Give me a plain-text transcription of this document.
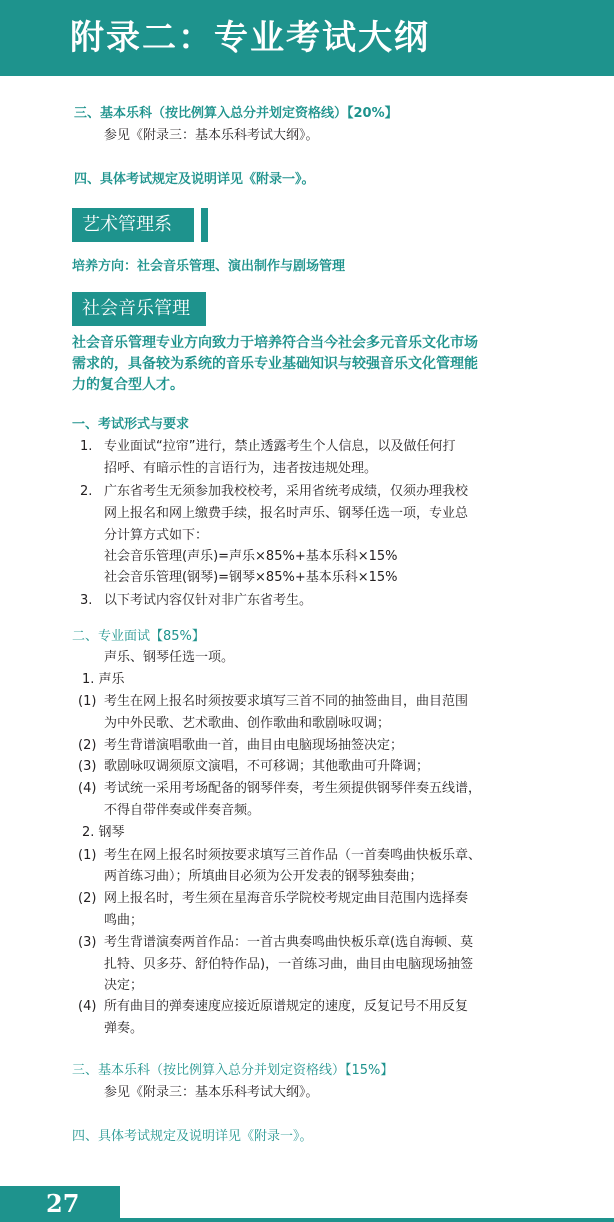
附录二：专业考试大纲
三、基本乐科（按比例算入总分并划定资格线）【20%】
参见《附录三：基本乐科考试大纲》。
四、具体考试规定及说明详见《附录一》。
艺术管理系
培养方向：社会音乐管理、演出制作与剧场管理
社会音乐管理
社会音乐管理专业方向致力于培养符合当今社会多元音乐文化市场
需求的，具备较为系统的音乐专业基础知识与较强音乐文化管理能
力的复合型人才。
一、考试形式与要求
1. 专业面试“拉帘”进行，禁止透露考生个人信息，以及做任何打
招呼、有暗示性的言语行为，违者按违规处理。
2. 广东省考生无须参加我校校考，采用省统考成绩，仅须办理我校
网上报名和网上缴费手续，报名时声乐、钢琴任选一项，专业总
分计算方式如下：
社会音乐管理(声乐)=声乐×85%+基本乐科×15%
社会音乐管理(钢琴)=钢琴×85%+基本乐科×15%
3. 以下考试内容仅针对非广东省考生。
二、专业面试【85%】
声乐、钢琴任选一项。
1. 声乐
(1) 考生在网上报名时须按要求填写三首不同的抽签曲目，曲目范围
为中外民歌、艺术歌曲、创作歌曲和歌剧咏叹调；
(2) 考生背谱演唱歌曲一首，曲目由电脑现场抽签决定；
(3) 歌剧咏叹调须原文演唱，不可移调；其他歌曲可升降调；
(4) 考试统一采用考场配备的钢琴伴奏，考生须提供钢琴伴奏五线谱，
不得自带伴奏或伴奏音频。
2. 钢琴
(1) 考生在网上报名时须按要求填写三首作品（一首奏鸣曲快板乐章、
两首练习曲）；所填曲目必须为公开发表的钢琴独奏曲；
(2) 网上报名时，考生须在星海音乐学院校考规定曲目范围内选择奏
鸣曲；
(3) 考生背谱演奏两首作品：一首古典奏鸣曲快板乐章(选自海顿、莫
扎特、贝多芬、舒伯特作品)，一首练习曲，曲目由电脑现场抽签
决定；
(4) 所有曲目的弹奏速度应接近原谱规定的速度，反复记号不用反复
弹奏。
三、基本乐科（按比例算入总分并划定资格线）【15%】
参见《附录三：基本乐科考试大纲》。
四、具体考试规定及说明详见《附录一》。
27
